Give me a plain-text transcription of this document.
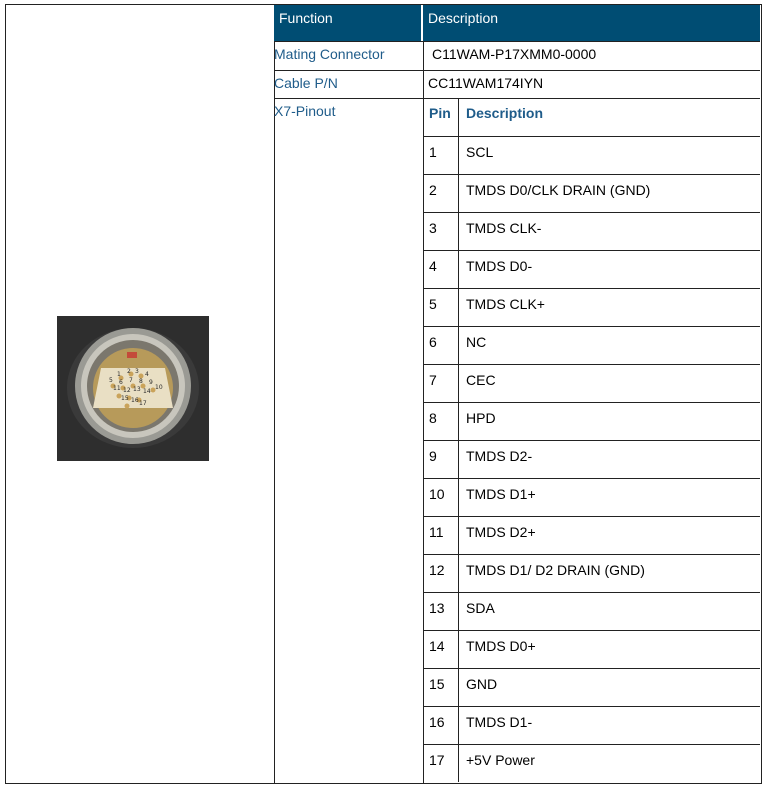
1 2 3 4
5 6 7 8 9
10
11 12 13 14
15 16 17
Function	Description
Mating Connector	C11WAM-P17XMM0-0000
Cable P/N	CC11WAM174IYN
X7-Pinout	Pin Description
1 SCL
2 TMDS D0/CLK DRAIN (GND)
3 TMDS CLK-
4 TMDS D0-
5 TMDS CLK+
6 NC
7 CEC
8 HPD
9 TMDS D2-
10 TMDS D1+
11 TMDS D2+
12 TMDS D1/ D2 DRAIN (GND)
13 SDA
14 TMDS D0+
15 GND
16 TMDS D1-
17 +5V Power
